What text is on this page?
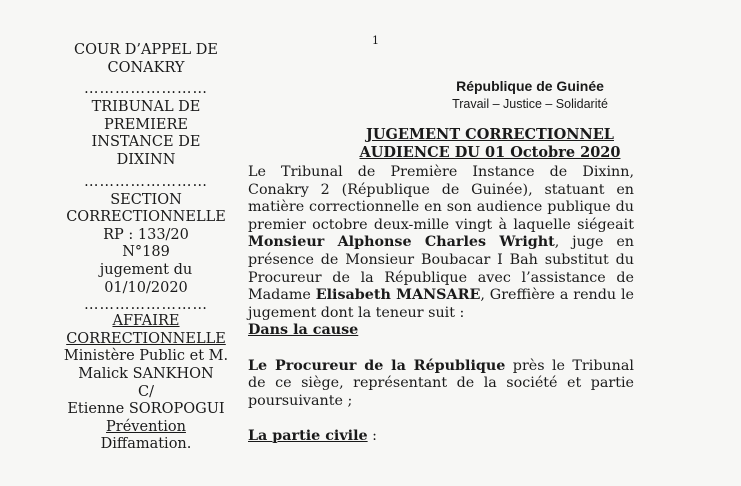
1
COUR D’APPEL DE
CONAKRY
……………………
TRIBUNAL DE
PREMIERE
INSTANCE DE
DIXINN
……………………
SECTION
CORRECTIONNELLE
RP : 133/20
N°189
jugement du
01/10/2020
……………………
AFFAIRE
CORRECTIONNELLE
Ministère Public et M.
Malick SANKHON
C/
Etienne SOROPOGUI
Prévention
Diffamation.
République de Guinée
Travail – Justice – Solidarité
JUGEMENT CORRECTIONNEL
AUDIENCE DU 01 Octobre 2020

Le Tribunal de Première Instance de Dixinn, Conakry 2 (République de Guinée), statuant en matière correctionnelle en son audience publique du premier octobre deux-mille vingt à laquelle siégeait Monsieur Alphonse Charles Wright, juge en présence de Monsieur Boubacar I Bah substitut du Procureur de la République avec l’assistance de Madame Elisabeth MANSARE, Greffière a rendu le jugement dont la teneur suit :

Dans la cause

Le Procureur de la République près le Tribunal de ce siège, représentant de la société et partie poursuivante ;

La partie civile :
